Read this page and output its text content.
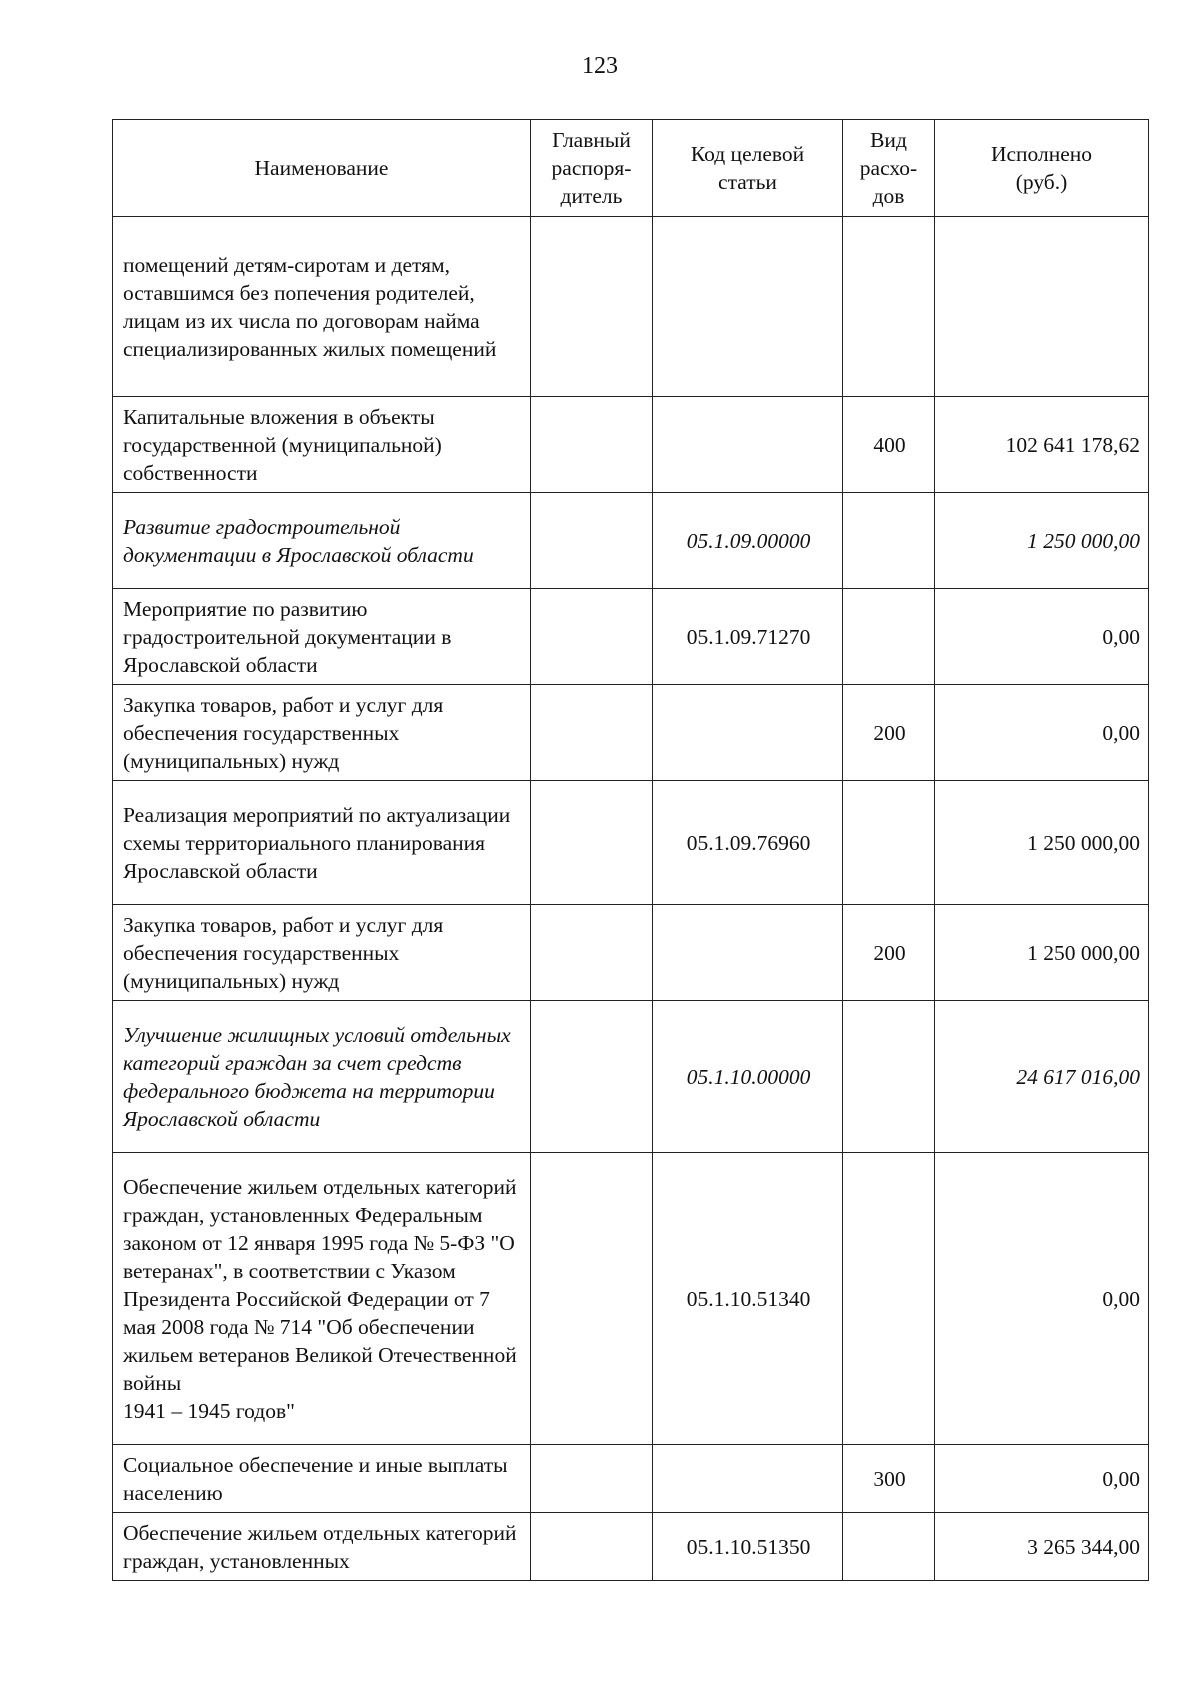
123
Наименование	Главный распоря-дитель	Код целевой статьи	Вид расхо-дов	Исполнено (руб.)
помещений детям-сиротам и детям, оставшимся без попечения родителей, лицам из их числа по договорам найма специализированных жилых помещений				
Капитальные вложения в объекты государственной (муниципальной) собственности			400	102 641 178,62
Развитие градостроительной документации в Ярославской области		05.1.09.00000		1 250 000,00
Мероприятие по развитию градостроительной документации в Ярославской области		05.1.09.71270		0,00
Закупка товаров, работ и услуг для обеспечения государственных (муниципальных) нужд			200	0,00
Реализация мероприятий по актуализации схемы территориального планирования Ярославской области		05.1.09.76960		1 250 000,00
Закупка товаров, работ и услуг для обеспечения государственных (муниципальных) нужд			200	1 250 000,00
Улучшение жилищных условий отдельных категорий граждан за счет средств федерального бюджета на территории Ярославской области		05.1.10.00000		24 617 016,00
Обеспечение жильем отдельных категорий граждан, установленных Федеральным законом от 12 января 1995 года № 5-ФЗ "О ветеранах", в соответствии с Указом Президента Российской Федерации от 7 мая 2008 года № 714 "Об обеспечении жильем ветеранов Великой Отечественной войны
1941 – 1945 годов"		05.1.10.51340		0,00
Социальное обеспечение и иные выплаты населению			300	0,00
Обеспечение жильем отдельных категорий граждан, установленных		05.1.10.51350		3 265 344,00
